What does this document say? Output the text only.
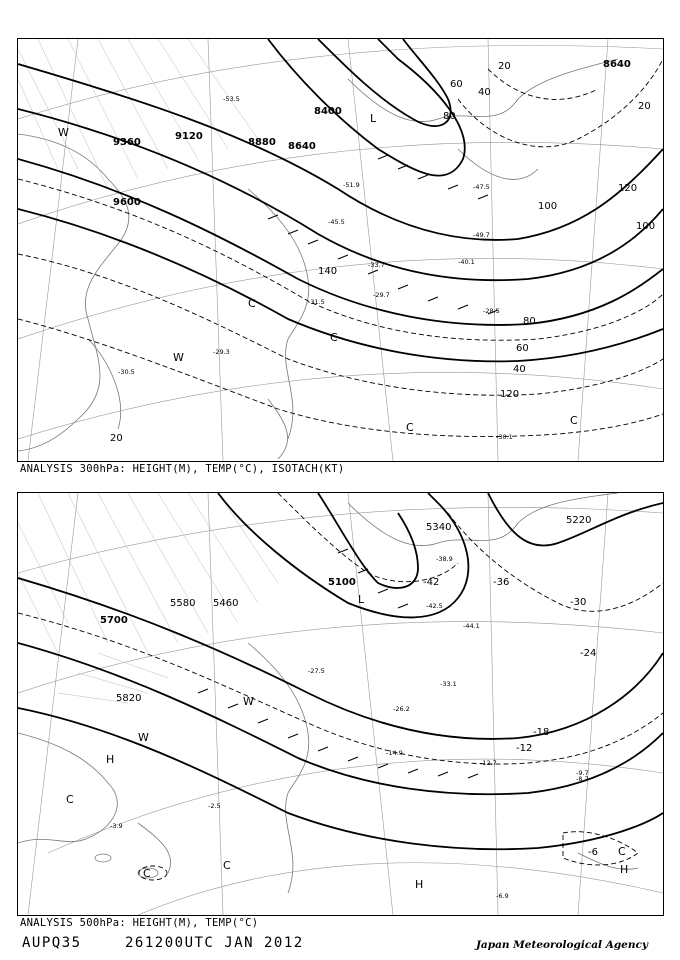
9360
9120
8880 8640
8400
8640
9600
20
40
60
80
100
120
100
80
60
40
20
20
120
140
-53.5
-51.9
-49.7
-45.5
-40.1
-33.7
-31.5
-29.7
-28.5
-30.5
-29.3
-47.5
-30.1
L
W
W
C
C
C
C
ANALYSIS 300hPa: HEIGHT(M), TEMP(°C), ISOTACH(KT)
5700
5580 5460
5340
5220
5100
5820
-42	-36
-30
-24
-18
-12
-6
-44.1
-42.5
-38.9
-33.1
-27.5
-26.2
-14.9
-12.7
-8.7
-9.7
-6.9
-2.5
-3.9
L
H
H
H
W
W
C
C
C
C
ANALYSIS 500hPa: HEIGHT(M), TEMP(°C)
AUPQ35	261200UTC JAN 2012	Japan Meteorological Agency
